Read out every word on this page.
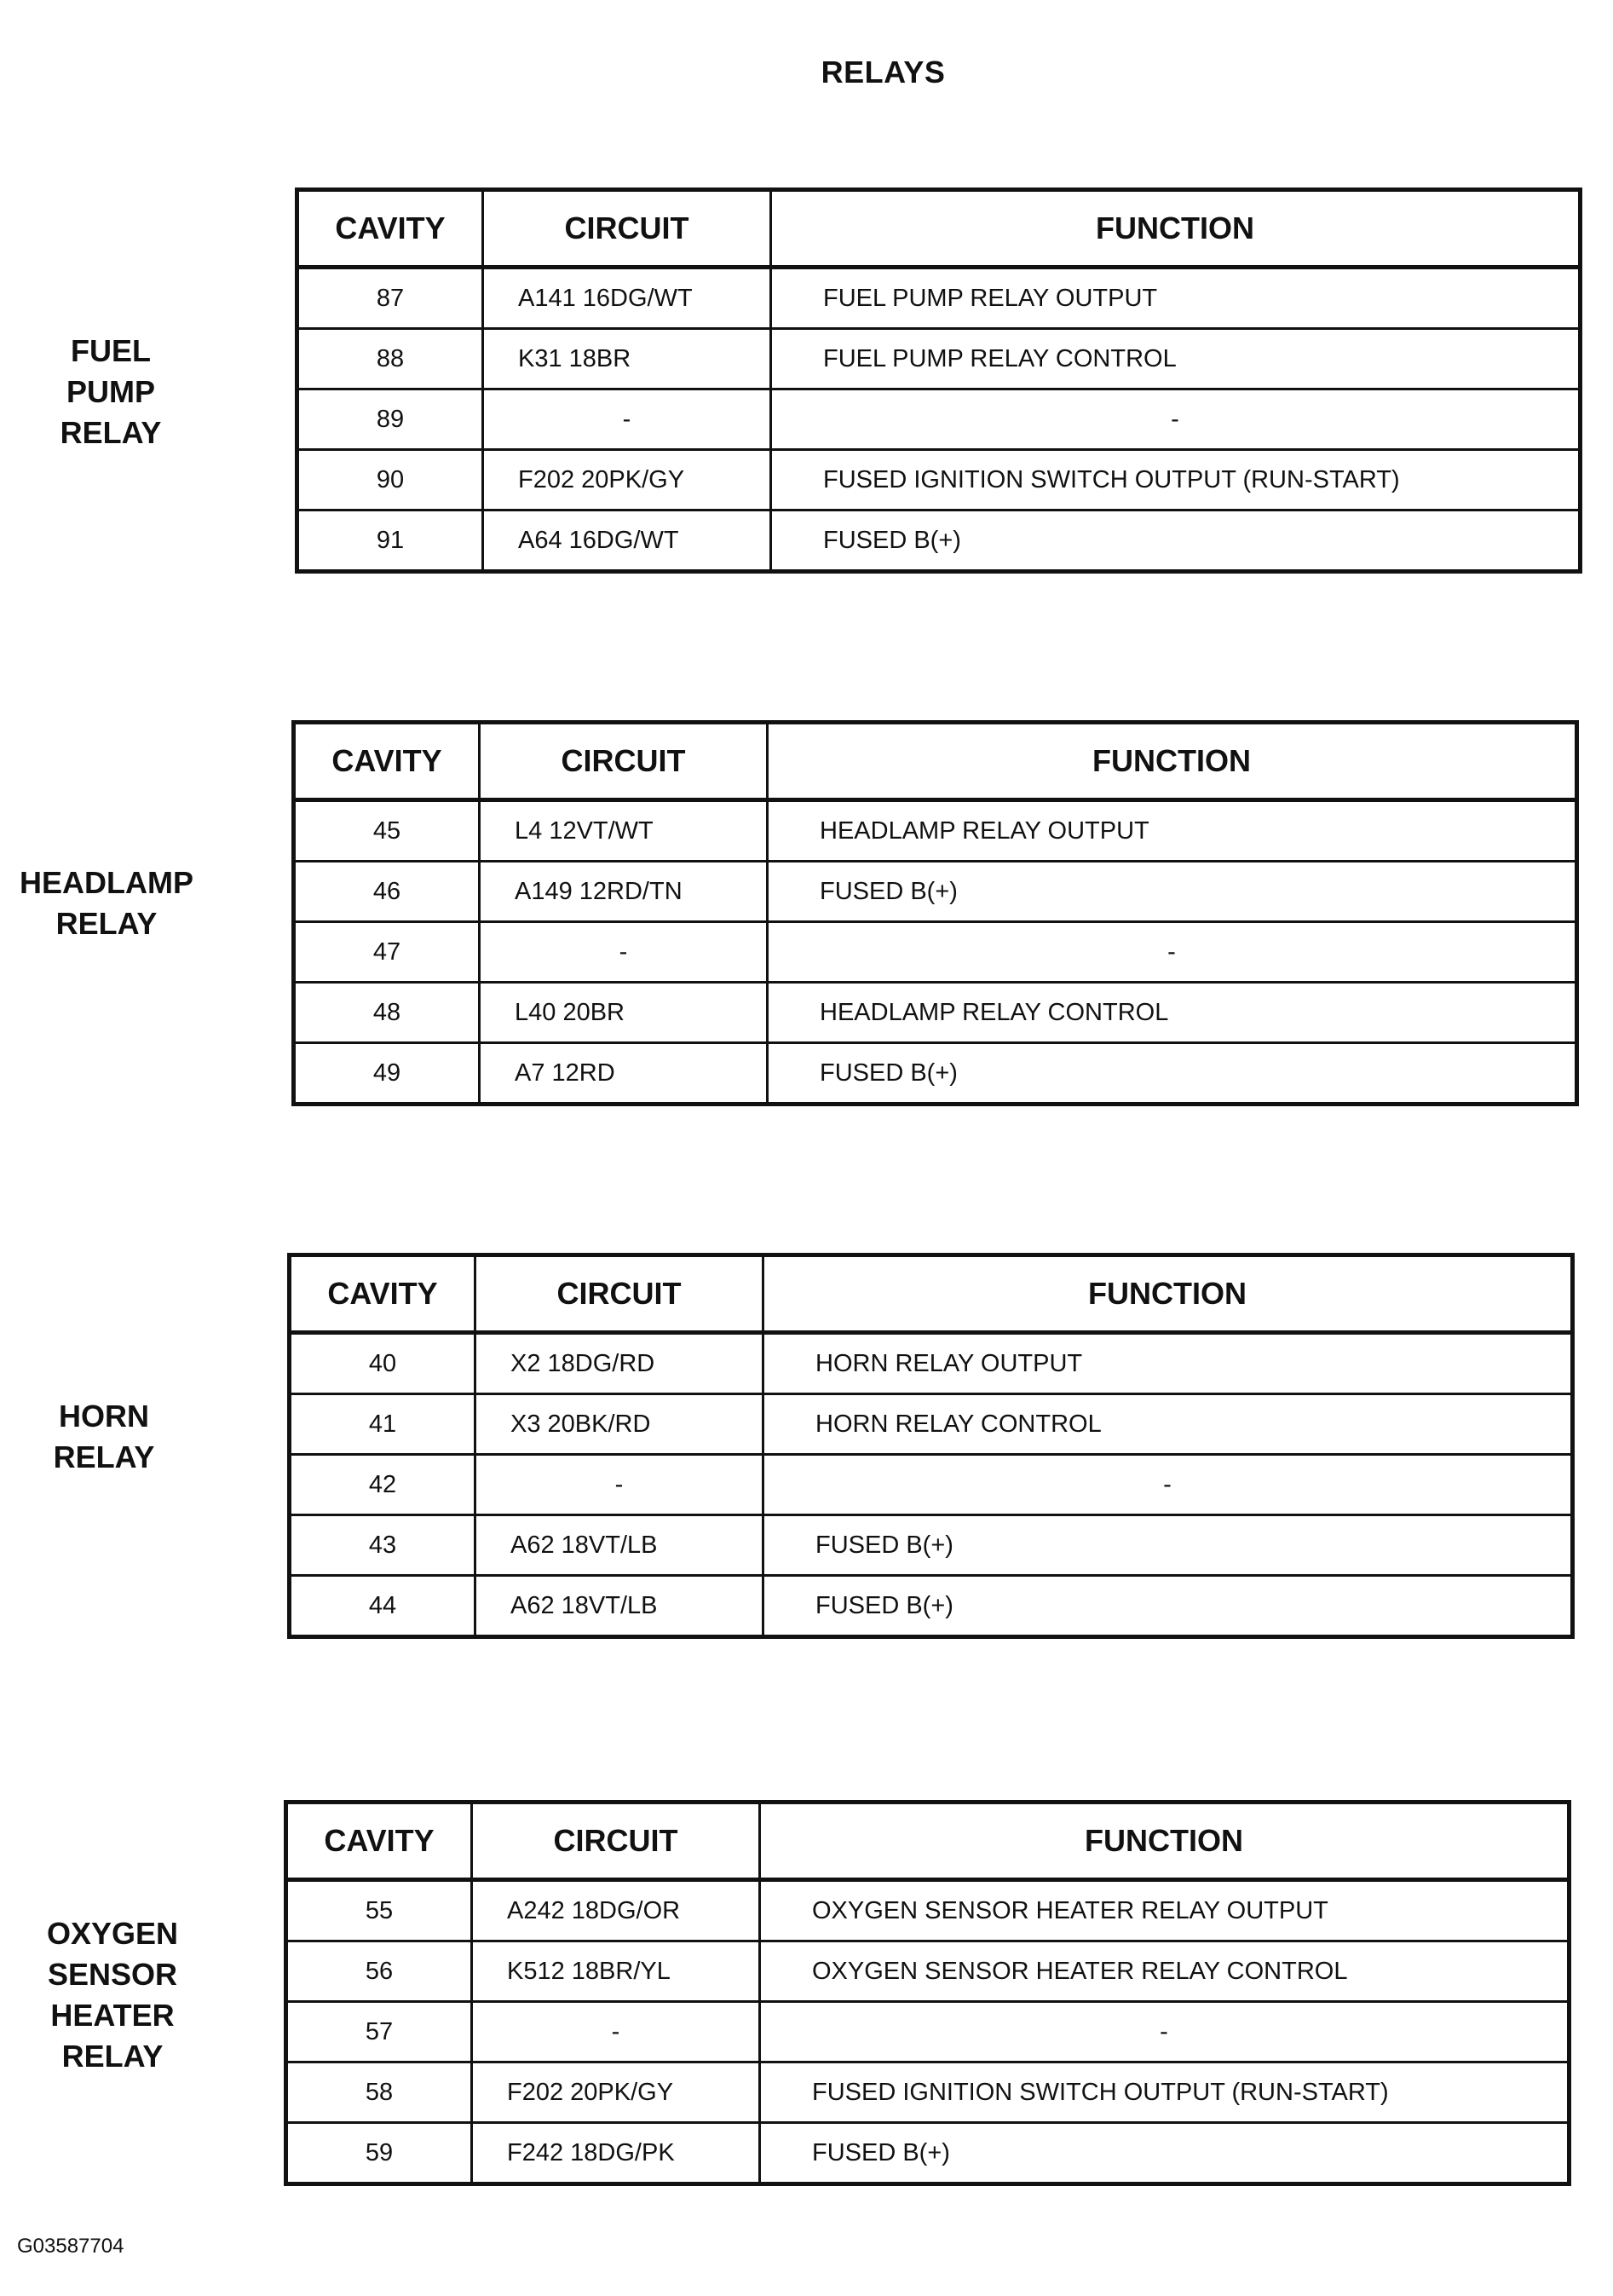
RELAYS
FUEL
PUMP
RELAY
CAVITY	CIRCUIT	FUNCTION
87	A141 16DG/WT	FUEL PUMP RELAY OUTPUT
88	K31 18BR	FUEL PUMP RELAY CONTROL
89	-	-
90	F202 20PK/GY	FUSED IGNITION SWITCH OUTPUT (RUN-START)
91	A64 16DG/WT	FUSED B(+)
HEADLAMP
RELAY
CAVITY	CIRCUIT	FUNCTION
45	L4 12VT/WT	HEADLAMP RELAY OUTPUT
46	A149 12RD/TN	FUSED B(+)
47	-	-
48	L40 20BR	HEADLAMP RELAY CONTROL
49	A7 12RD	FUSED B(+)
HORN
RELAY
CAVITY	CIRCUIT	FUNCTION
40	X2 18DG/RD	HORN RELAY OUTPUT
41	X3 20BK/RD	HORN RELAY CONTROL
42	-	-
43	A62 18VT/LB	FUSED B(+)
44	A62 18VT/LB	FUSED B(+)
OXYGEN
SENSOR
HEATER
RELAY
CAVITY	CIRCUIT	FUNCTION
55	A242 18DG/OR	OXYGEN SENSOR HEATER RELAY OUTPUT
56	K512 18BR/YL	OXYGEN SENSOR HEATER RELAY CONTROL
57	-	-
58	F202 20PK/GY	FUSED IGNITION SWITCH OUTPUT (RUN-START)
59	F242 18DG/PK	FUSED B(+)
G03587704
